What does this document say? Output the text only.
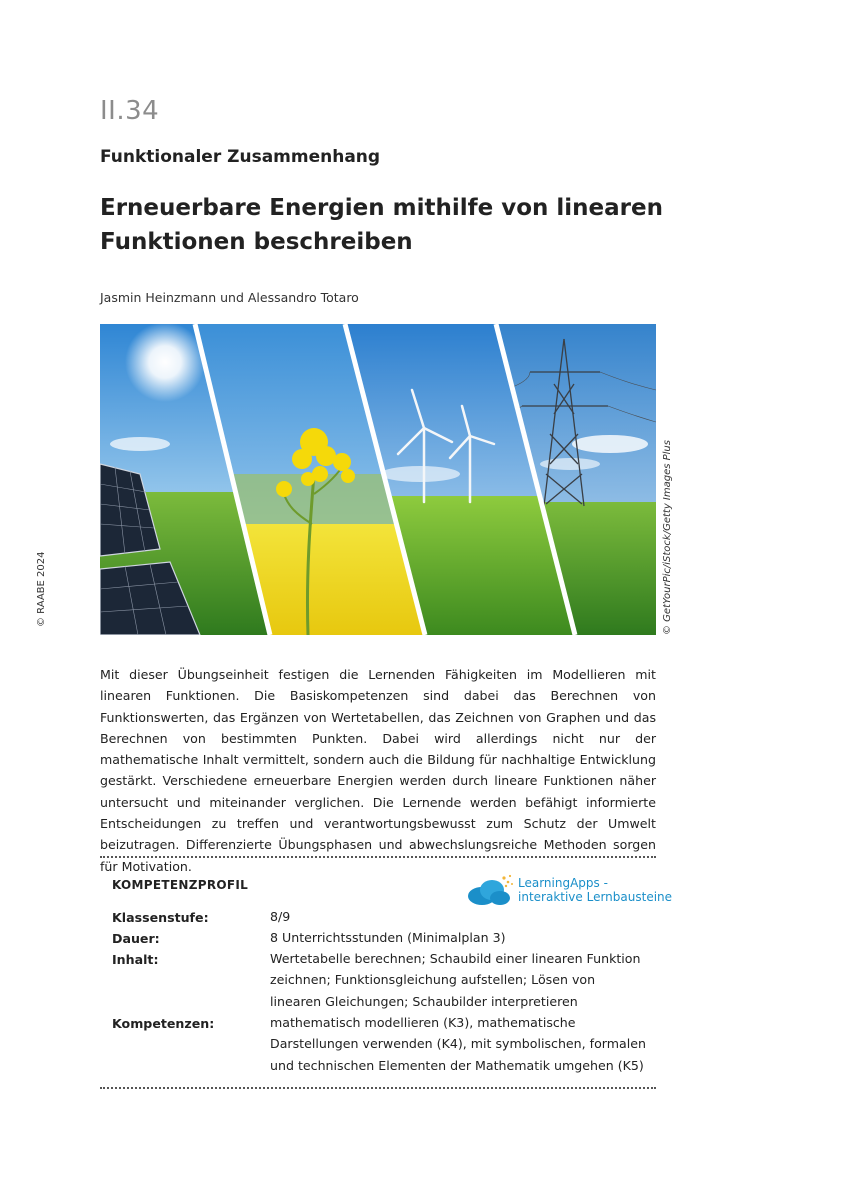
II.34
Funktionaler Zusammenhang
Erneuerbare Energien mithilfe von linearen
Funktionen beschreiben
Jasmin Heinzmann und Alessandro Totaro
© GetYourPic/iStock/Getty Images Plus
© RAABE 2024
Mit dieser Übungseinheit festigen die Lernenden Fähigkeiten im Modellieren mit linearen Funktionen. Die Basiskompetenzen sind dabei das Berechnen von Funktionswerten, das Ergänzen von Wertetabellen, das Zeichnen von Graphen und das Berechnen von bestimmten Punkten. Dabei wird allerdings nicht nur der mathematische Inhalt vermittelt, sondern auch die Bildung für nachhaltige Entwicklung gestärkt. Verschiedene erneuerbare Energien werden durch lineare Funktionen näher untersucht und miteinander verglichen. Die Lernende werden befähigt informierte Entscheidungen zu treffen und verantwortungsbewusst zum Schutz der Umwelt beizutragen. Differenzierte Übungsphasen und abwechslungsreiche Methoden sorgen für Motivation.
KOMPETENZPROFIL	LearningApps -
interaktive Lernbausteine
Klassenstufe:	8/9
Dauer:	8 Unterrichtsstunden (Minimalplan 3)
Inhalt:	Wertetabelle berechnen; Schaubild einer linearen Funktion zeichnen; Funktionsgleichung aufstellen; Lösen von linearen Gleichungen; Schaubilder interpretieren
Kompetenzen:	mathematisch modellieren (K3), mathematische Darstellungen verwenden (K4), mit symbolischen, formalen und technischen Elementen der Mathematik umgehen (K5)
